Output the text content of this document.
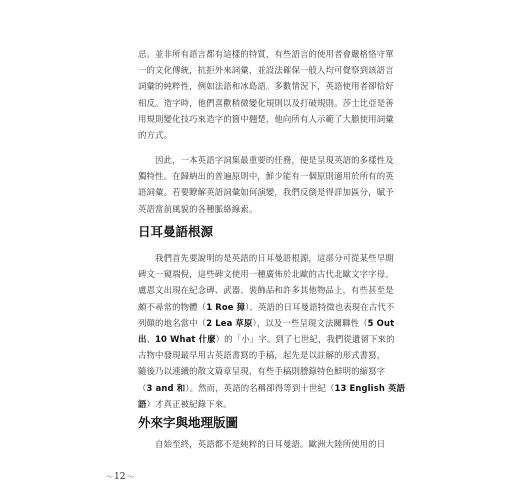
忌。並非所有語言都有這樣的特質，有些語言的使用者會嚴格恪守單
一的文化傳統，抗拒外來詞彙，並設法確保一般人均可覺察到該語言
詞彙的純粹性，例如法語和冰島語。多數情況下，英語使用者卻恰好
相反。造字時，他們喜歡稍微變化規則以及打破規則。莎士比亞是善
用規則變化技巧來造字的箇中翹楚，他向所有人示範了大膽使用詞彙
的方式。
　　因此，一本英語字詞集最重要的任務，便是呈現英語的多樣性及
獨特性。在歸納出的普遍原則中，鮮少能有一個原則適用於所有的英
語詞彙。若要瞭解英語詞彙如何演變，我們反倒是得詳加區分，賦予
英語當前風貌的各種脈絡線索。
日耳曼語根源
　　我們首先要說明的是英語的日耳曼語根源，這部分可從某些早期
碑文一窺端倪，這些碑文使用一種廣佈於北歐的古代北歐文字字母。
盧恩文出現在紀念碑、武器、裝飾品和許多其他物品上，有些甚至是
頗不尋常的物體（1 Roe 獐）。英語的日耳曼語特徵也表現在古代不
列顛的地名當中（2 Lea 草原），以及一些呈現文法關聯性（5 Out
出、10 What 什麼）的「小」字。到了七世紀，我們從遺留下來的
古物中發現最早用古英語書寫的手稿，起先是以註解的形式書寫，
隨後乃以連續的散文篇章呈現，有些手稿則謄錄特色鮮明的縮寫字
（3 and 和）。然而，英語的名稱卻得等到十世紀（13 English 英語
語）才真正被紀錄下來。
外來字與地理版圖
　　自始至終，英語都不是純粹的日耳曼語。歐洲大陸所使用的日
〜 12 〜
